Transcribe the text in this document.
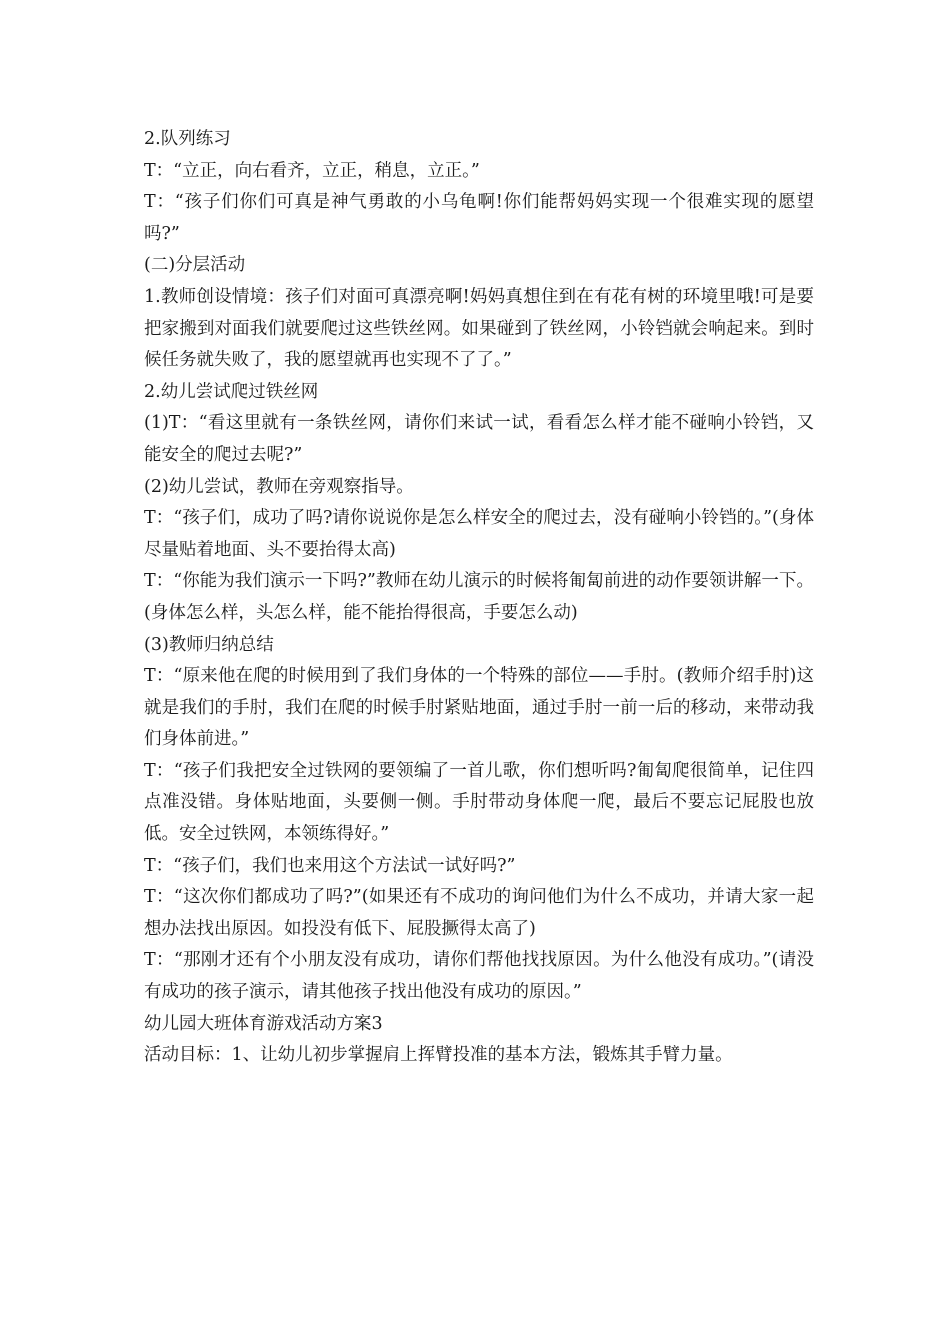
2.队列练习

T：“立正，向右看齐，立正，稍息，立正。”

T：“孩子们你们可真是神气勇敢的小乌龟啊!你们能帮妈妈实现一个很难实现的愿望吗?”

(二)分层活动

1.教师创设情境：孩子们对面可真漂亮啊!妈妈真想住到在有花有树的环境里哦!可是要把家搬到对面我们就要爬过这些铁丝网。如果碰到了铁丝网，小铃铛就会响起来。到时候任务就失败了，我的愿望就再也实现不了了。”

2.幼儿尝试爬过铁丝网

(1)T：“看这里就有一条铁丝网，请你们来试一试，看看怎么样才能不碰响小铃铛，又能安全的爬过去呢?”

(2)幼儿尝试，教师在旁观察指导。

T：“孩子们，成功了吗?请你说说你是怎么样安全的爬过去，没有碰响小铃铛的。”(身体尽量贴着地面、头不要抬得太高)

T：“你能为我们演示一下吗?”教师在幼儿演示的时候将匍匐前进的动作要领讲解一下。(身体怎么样，头怎么样，能不能抬得很高，手要怎么动)

(3)教师归纳总结

T：“原来他在爬的时候用到了我们身体的一个特殊的部位——手肘。(教师介绍手肘)这就是我们的手肘，我们在爬的时候手肘紧贴地面，通过手肘一前一后的移动，来带动我们身体前进。”

T：“孩子们我把安全过铁网的要领编了一首儿歌，你们想听吗?匍匐爬很简单，记住四点准没错。身体贴地面，头要侧一侧。手肘带动身体爬一爬，最后不要忘记屁股也放低。安全过铁网，本领练得好。”

T：“孩子们，我们也来用这个方法试一试好吗?”

T：“这次你们都成功了吗?”(如果还有不成功的询问他们为什么不成功，并请大家一起想办法找出原因。如投没有低下、屁股撅得太高了)

T：“那刚才还有个小朋友没有成功，请你们帮他找找原因。为什么他没有成功。”(请没有成功的孩子演示，请其他孩子找出他没有成功的原因。”

幼儿园大班体育游戏活动方案3

活动目标：1、让幼儿初步掌握肩上挥臂投准的基本方法，锻炼其手臂力量。
